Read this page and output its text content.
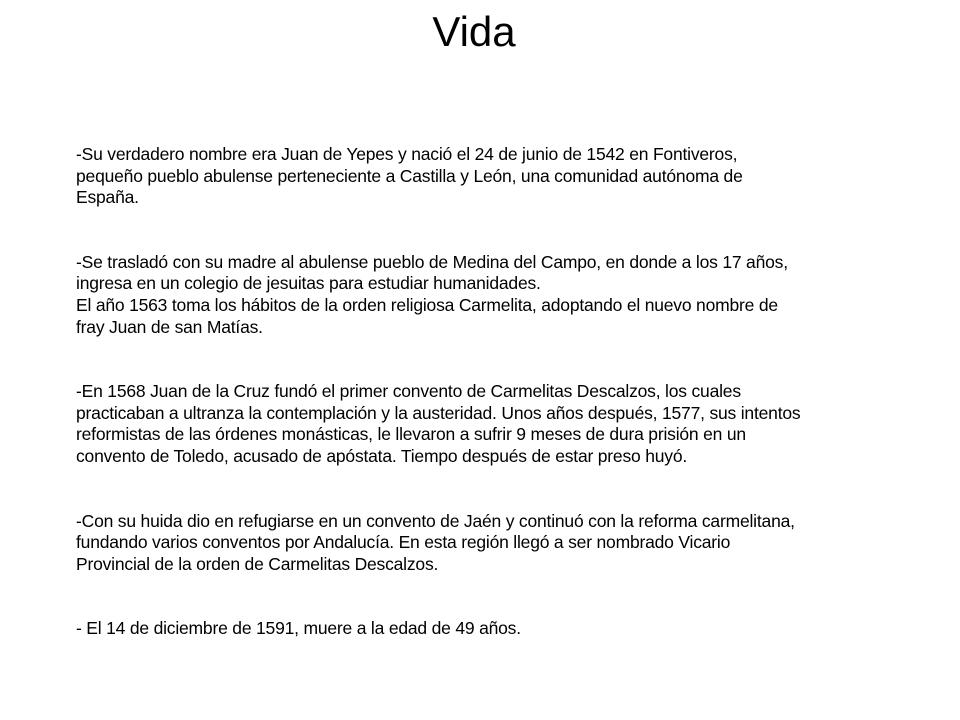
Vida

-Su verdadero nombre era Juan de Yepes y nació el 24 de junio de 1542 en Fontiveros,
pequeño pueblo abulense perteneciente a Castilla y León, una comunidad autónoma de
España.

-Se trasladó con su madre al abulense pueblo de Medina del Campo, en donde a los 17 años,
ingresa en un colegio de jesuitas para estudiar humanidades.

El año 1563 toma los hábitos de la orden religiosa Carmelita, adoptando el nuevo nombre de
fray Juan de san Matías.

-En 1568 Juan de la Cruz fundó el primer convento de Carmelitas Descalzos, los cuales
practicaban a ultranza la contemplación y la austeridad. Unos años después, 1577, sus intentos
reformistas de las órdenes monásticas, le llevaron a sufrir 9 meses de dura prisión en un
convento de Toledo, acusado de apóstata. Tiempo después de estar preso huyó.

-Con su huida dio en refugiarse en un convento de Jaén y continuó con la reforma carmelitana,
fundando varios conventos por Andalucía. En esta región llegó a ser nombrado Vicario
Provincial de la orden de Carmelitas Descalzos.

- El 14 de diciembre de 1591, muere a la edad de 49 años.
